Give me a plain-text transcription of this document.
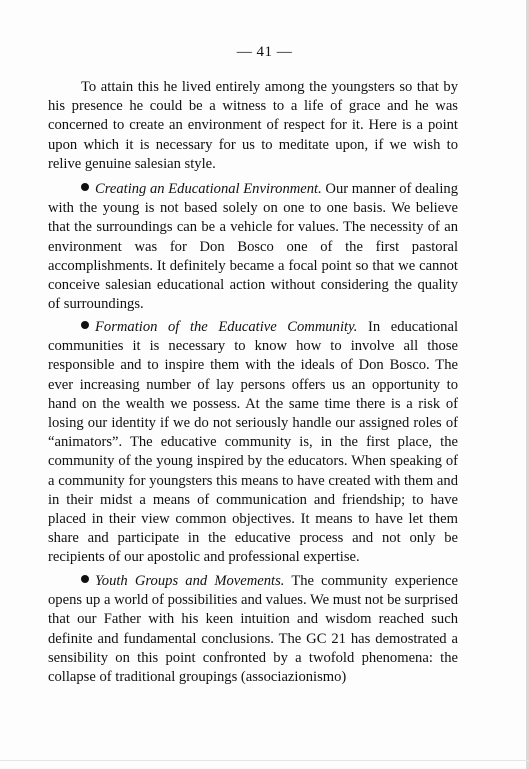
— 41 —

To attain this he lived entirely among the youngsters so that by his presence he could be a witness to a life of grace and he was concerned to create an environment of respect for it. Here is a point upon which it is necessary for us to meditate upon, if we wish to relive genuine salesian style.

Creating an Educational Environment. Our manner of dealing with the young is not based solely on one to one basis. We believe that the surroundings can be a vehicle for values. The necessity of an environment was for Don Bosco one of the first pastoral accomplishments. It definitely became a focal point so that we cannot conceive salesian educational action without considering the quality of surroundings.

Formation of the Educative Community. In educational communities it is necessary to know how to involve all those responsible and to inspire them with the ideals of Don Bosco. The ever increasing number of lay persons offers us an opportunity to hand on the wealth we possess. At the same time there is a risk of losing our identity if we do not seriously handle our assigned roles of “animators”. The educative community is, in the first place, the community of the young inspired by the educators. When speaking of a community for youngsters this means to have created with them and in their midst a means of communication and friendship; to have placed in their view common objectives. It means to have let them share and participate in the educative process and not only be recipients of our apostolic and professional expertise.

Youth Groups and Movements. The community experience opens up a world of possibilities and values. We must not be surprised that our Father with his keen intuition and wisdom reached such definite and fundamental conclusions. The GC 21 has demostrated a sensibility on this point confronted by a twofold phenomena: the collapse of traditional groupings (associazionismo)
